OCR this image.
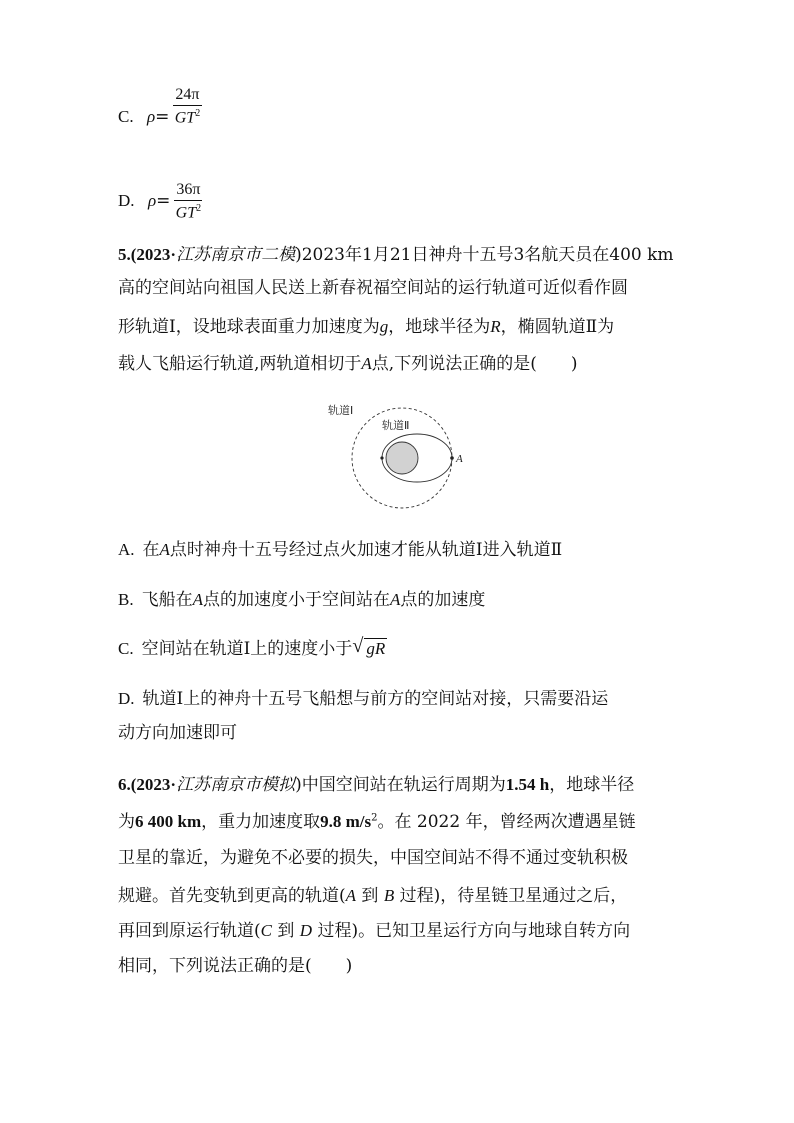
C. $\rho= \frac{24\pi}{GT^2}$
D. $\rho= \frac{36\pi}{GT^2}$
5.(2023·江苏南京市二模)2023年1月21日神舟十五号3名航天员在400 km
高的空间站向祖国人民送上新春祝福空间站的运行轨道可近似看作圆
形轨道Ⅰ，设地球表面重力加速度为g，地球半径为R，椭圆轨道Ⅱ为
载人飞船运行轨道,两轨道相切于A点,下列说法正确的是(　　)
轨道Ⅰ
轨道Ⅱ
A
A. 在A点时神舟十五号经过点火加速才能从轨道Ⅰ进入轨道Ⅱ
B. 飞船在A点的加速度小于空间站在A点的加速度
C. 空间站在轨道Ⅰ上的速度小于 √ gR
D. 轨道Ⅰ上的神舟十五号飞船想与前方的空间站对接，只需要沿运
动方向加速即可
6.(2023·江苏南京市模拟)中国空间站在轨运行周期为1.54 h，地球半径
为6 400 km，重力加速度取9.8 $m/s^2$。在 2022 年，曾经两次遭遇星链
卫星的靠近，为避免不必要的损失，中国空间站不得不通过变轨积极
规避。首先变轨到更高的轨道(A 到 B 过程)，待星链卫星通过之后，
再回到原运行轨道(C 到 D 过程)。已知卫星运行方向与地球自转方向
相同，下列说法正确的是(　　)
